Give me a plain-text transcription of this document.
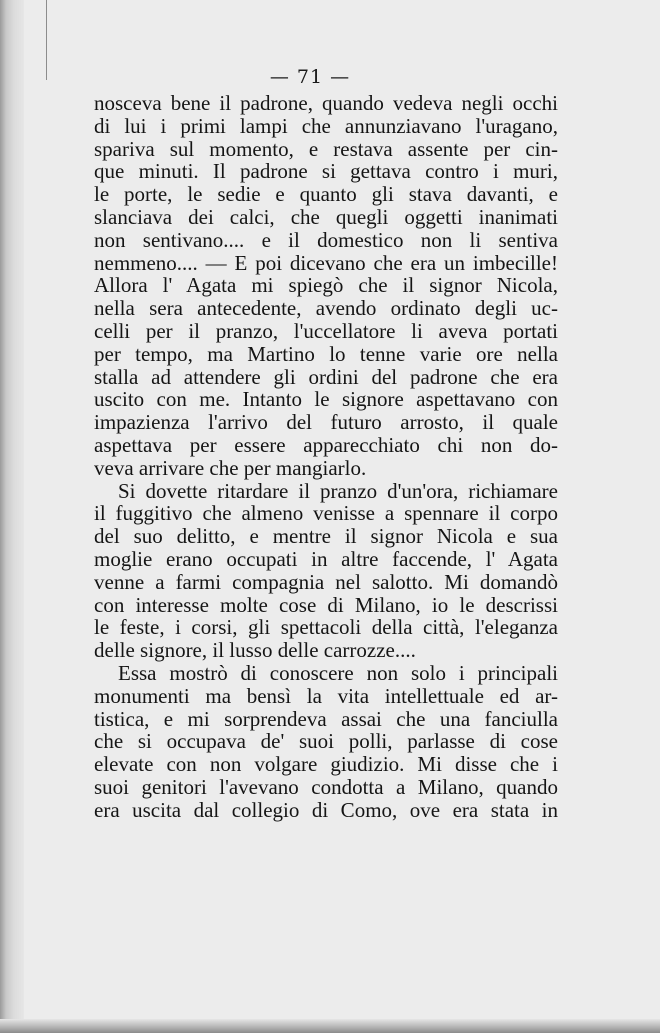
— 71 —
nosceva bene il padrone, quando vedeva negli occhi
di lui i primi lampi che annunziavano l'uragano,
spariva sul momento, e restava assente per cin-
que minuti. Il padrone si gettava contro i muri,
le porte, le sedie e quanto gli stava davanti, e
slanciava dei calci, che quegli oggetti inanimati
non sentivano.... e il domestico non li sentiva
nemmeno.... — E poi dicevano che era un imbecille!
Allora l' Agata mi spiegò che il signor Nicola,
nella sera antecedente, avendo ordinato degli uc-
celli per il pranzo, l'uccellatore li aveva portati
per tempo, ma Martino lo tenne varie ore nella
stalla ad attendere gli ordini del padrone che era
uscito con me. Intanto le signore aspettavano con
impazienza l'arrivo del futuro arrosto, il quale
aspettava per essere apparecchiato chi non do-
veva arrivare che per mangiarlo.
Si dovette ritardare il pranzo d'un'ora, richiamare
il fuggitivo che almeno venisse a spennare il corpo
del suo delitto, e mentre il signor Nicola e sua
moglie erano occupati in altre faccende, l' Agata
venne a farmi compagnia nel salotto. Mi domandò
con interesse molte cose di Milano, io le descrissi
le feste, i corsi, gli spettacoli della città, l'eleganza
delle signore, il lusso delle carrozze....
Essa mostrò di conoscere non solo i principali
monumenti ma bensì la vita intellettuale ed ar-
tistica, e mi sorprendeva assai che una fanciulla
che si occupava de' suoi polli, parlasse di cose
elevate con non volgare giudizio. Mi disse che i
suoi genitori l'avevano condotta a Milano, quando
era uscita dal collegio di Como, ove era stata in
